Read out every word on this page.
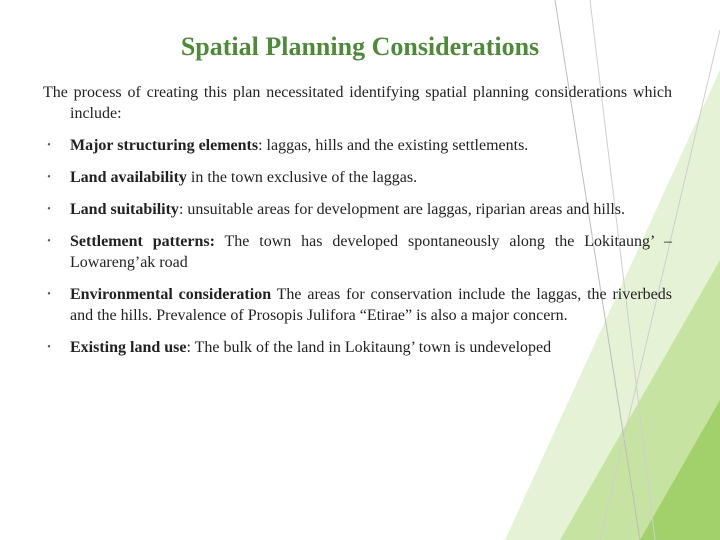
Spatial Planning Considerations

The process of creating this plan necessitated identifying spatial planning considerations which include:

• Major structuring elements: laggas, hills and the existing settlements.
• Land availability in the town exclusive of the laggas.
• Land suitability: unsuitable areas for development are laggas, riparian areas and hills.
• Settlement patterns: The town has developed spontaneously along the Lokitaung’ –Lowareng’ak road
• Environmental consideration The areas for conservation include the laggas, the riverbeds and the hills. Prevalence of Prosopis Julifora “Etirae” is also a major concern.
• Existing land use: The bulk of the land in Lokitaung’ town is undeveloped
